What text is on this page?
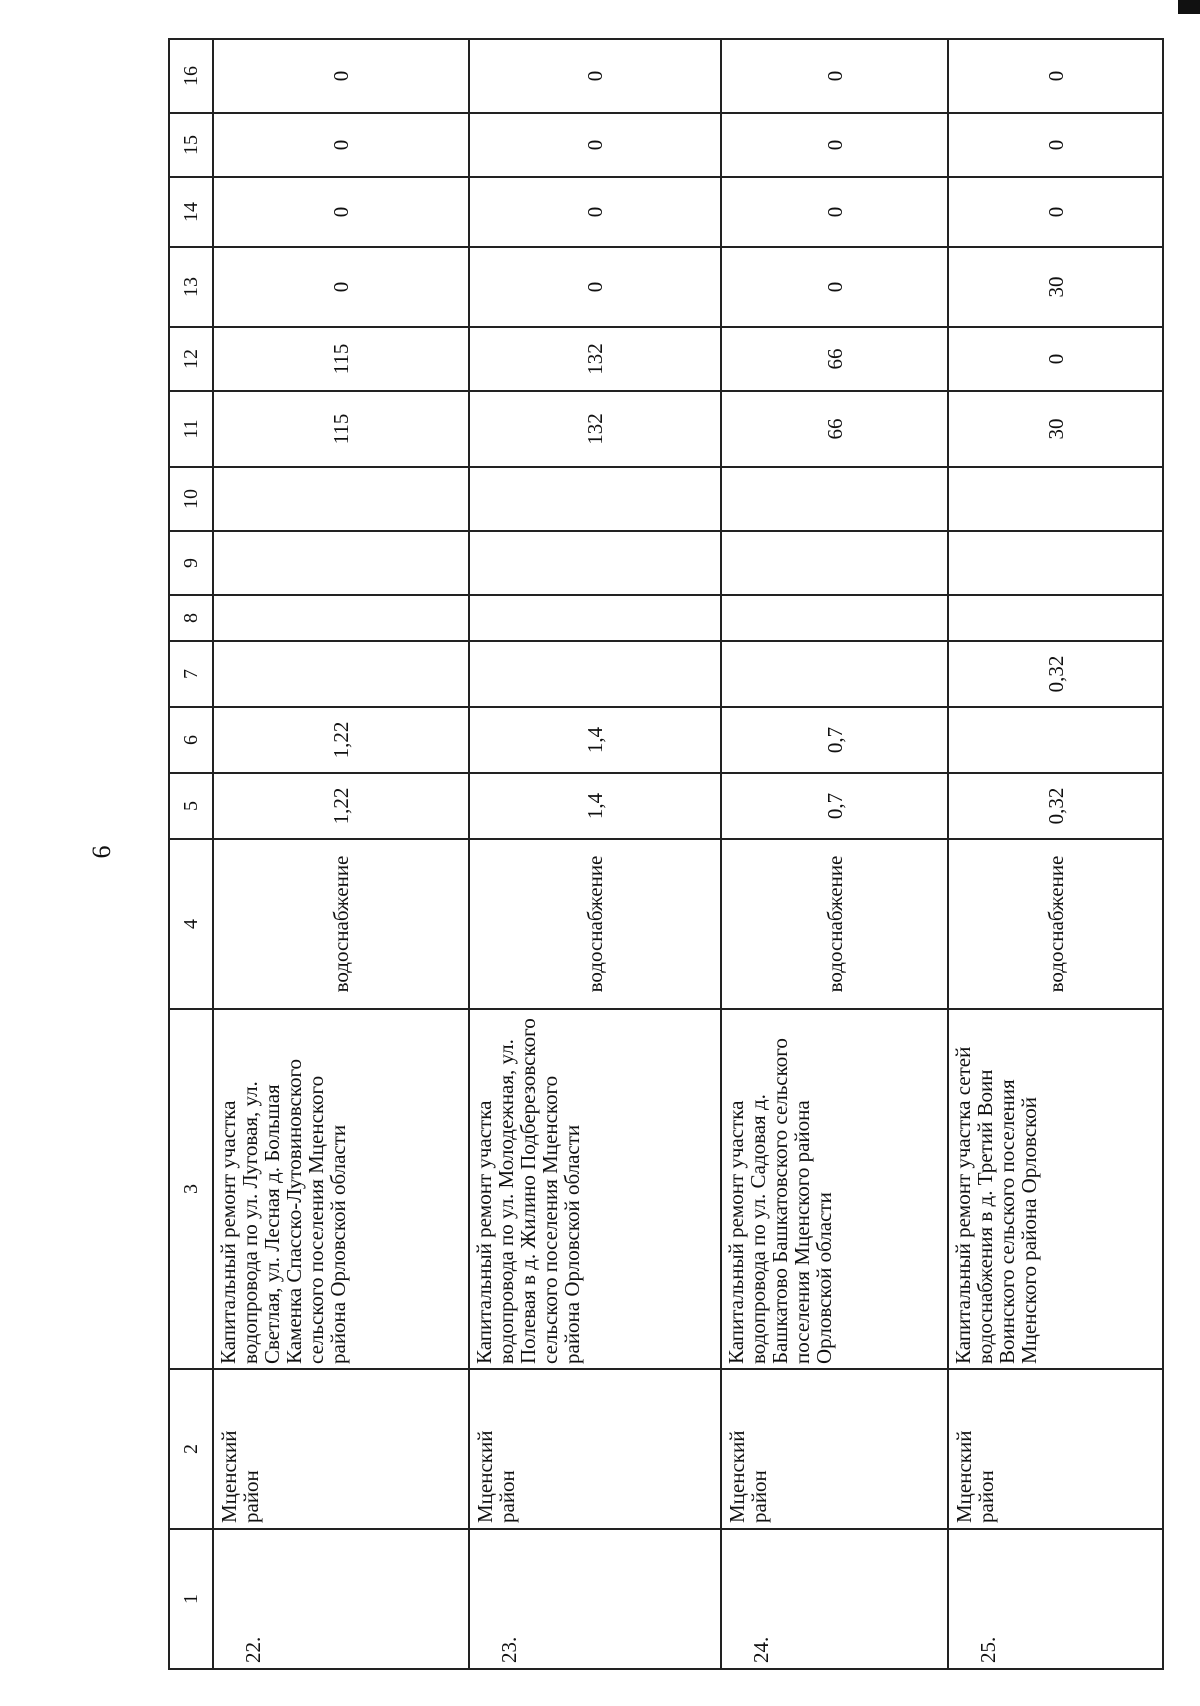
6
1	2	3	4	5	6	7	8	9	10	11	12	13	14	15	16
22.	Мценский район	Капитальный ремонт участка водопровода по ул. Луговая, ул. Светлая, ул. Лесная д. Большая Каменка Спасско-Лутовиновского сельского поселения Мценского района Орловской области	водоснабжение	1,22	1,22					115	115	0	0	0	0
23.	Мценский район	Капитальный ремонт участка водопровода по ул. Молодежная, ул. Полевая в д. Жилино Подберезовского сельского поселения Мценского района Орловской области	водоснабжение	1,4	1,4					132	132	0	0	0	0
24.	Мценский район	Капитальный ремонт участка водопровода по ул. Садовая д. Башкатово Башкатовского сельского поселения Мценского района Орловской области	водоснабжение	0,7	0,7					66	66	0	0	0	0
25.	Мценский район	Капитальный ремонт участка сетей водоснабжения в д. Третий Воин Воинского сельского поселения Мценского района Орловской	водоснабжение	0,32		0,32				30	0	30	0	0	0
